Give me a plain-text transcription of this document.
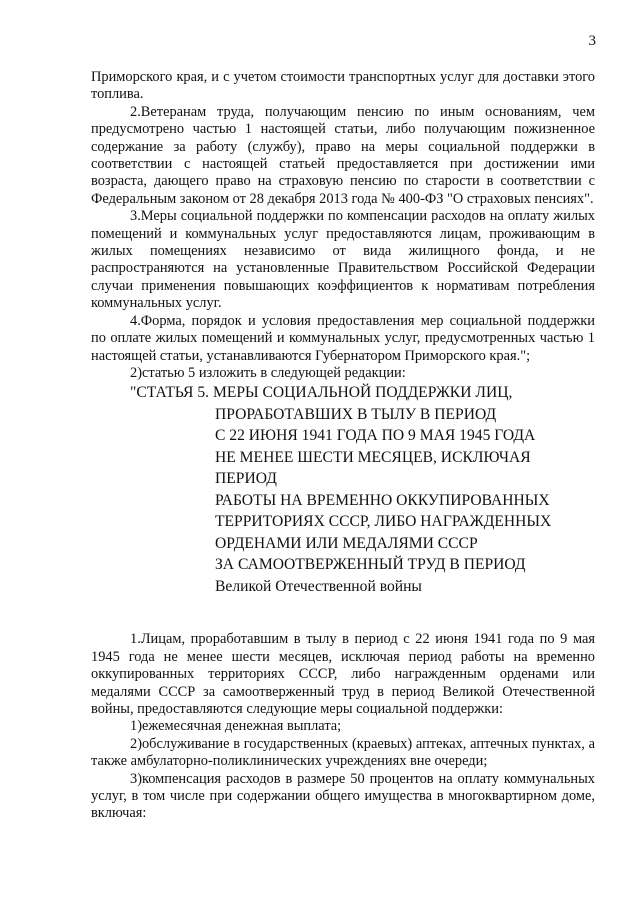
3

Приморского края, и с учетом стоимости транспортных услуг для доставки этого топлива.

2.Ветеранам труда, получающим пенсию по иным основаниям, чем предусмотрено частью 1 настоящей статьи, либо получающим пожизненное содержание за работу (службу), право на меры социальной поддержки в соответствии с настоящей статьей предоставляется при достижении ими возраста, дающего право на страховую пенсию по старости в соответствии с Федеральным законом от 28 декабря 2013 года № 400-ФЗ "О страховых пенсиях".

3.Меры социальной поддержки по компенсации расходов на оплату жилых помещений и коммунальных услуг предоставляются лицам, проживающим в жилых помещениях независимо от вида жилищного фонда, и не распространяются на установленные Правительством Российской Федерации случаи применения повышающих коэффициентов к нормативам потребления коммунальных услуг.

4.Форма, порядок и условия предоставления мер социальной поддержки по оплате жилых помещений и коммунальных услуг, предусмотренных частью 1 настоящей статьи, устанавливаются Губернатором Приморского края.";

2)статью 5 изложить в следующей редакции:

"СТАТЬЯ 5. МЕРЫ СОЦИАЛЬНОЙ ПОДДЕРЖКИ ЛИЦ,
ПРОРАБОТАВШИХ В ТЫЛУ В ПЕРИОД
С 22 ИЮНЯ 1941 ГОДА ПО 9 МАЯ 1945 ГОДА
НЕ МЕНЕЕ ШЕСТИ МЕСЯЦЕВ, ИСКЛЮЧАЯ ПЕРИОД
РАБОТЫ НА ВРЕМЕННО ОККУПИРОВАННЫХ
ТЕРРИТОРИЯХ СССР, ЛИБО НАГРАЖДЕННЫХ
ОРДЕНАМИ ИЛИ МЕДАЛЯМИ СССР
ЗА САМООТВЕРЖЕННЫЙ ТРУД В ПЕРИОД
Великой Отечественной войны

1.Лицам, проработавшим в тылу в период с 22 июня 1941 года по 9 мая 1945 года не менее шести месяцев, исключая период работы на временно оккупированных территориях СССР, либо награжденным орденами или медалями СССР за самоотверженный труд в период Великой Отечественной войны, предоставляются следующие меры социальной поддержки:

1)ежемесячная денежная выплата;

2)обслуживание в государственных (краевых) аптеках, аптечных пунктах, а также амбулаторно-поликлинических учреждениях вне очереди;

3)компенсация расходов в размере 50 процентов на оплату коммунальных услуг, в том числе при содержании общего имущества в многоквартирном доме, включая:
